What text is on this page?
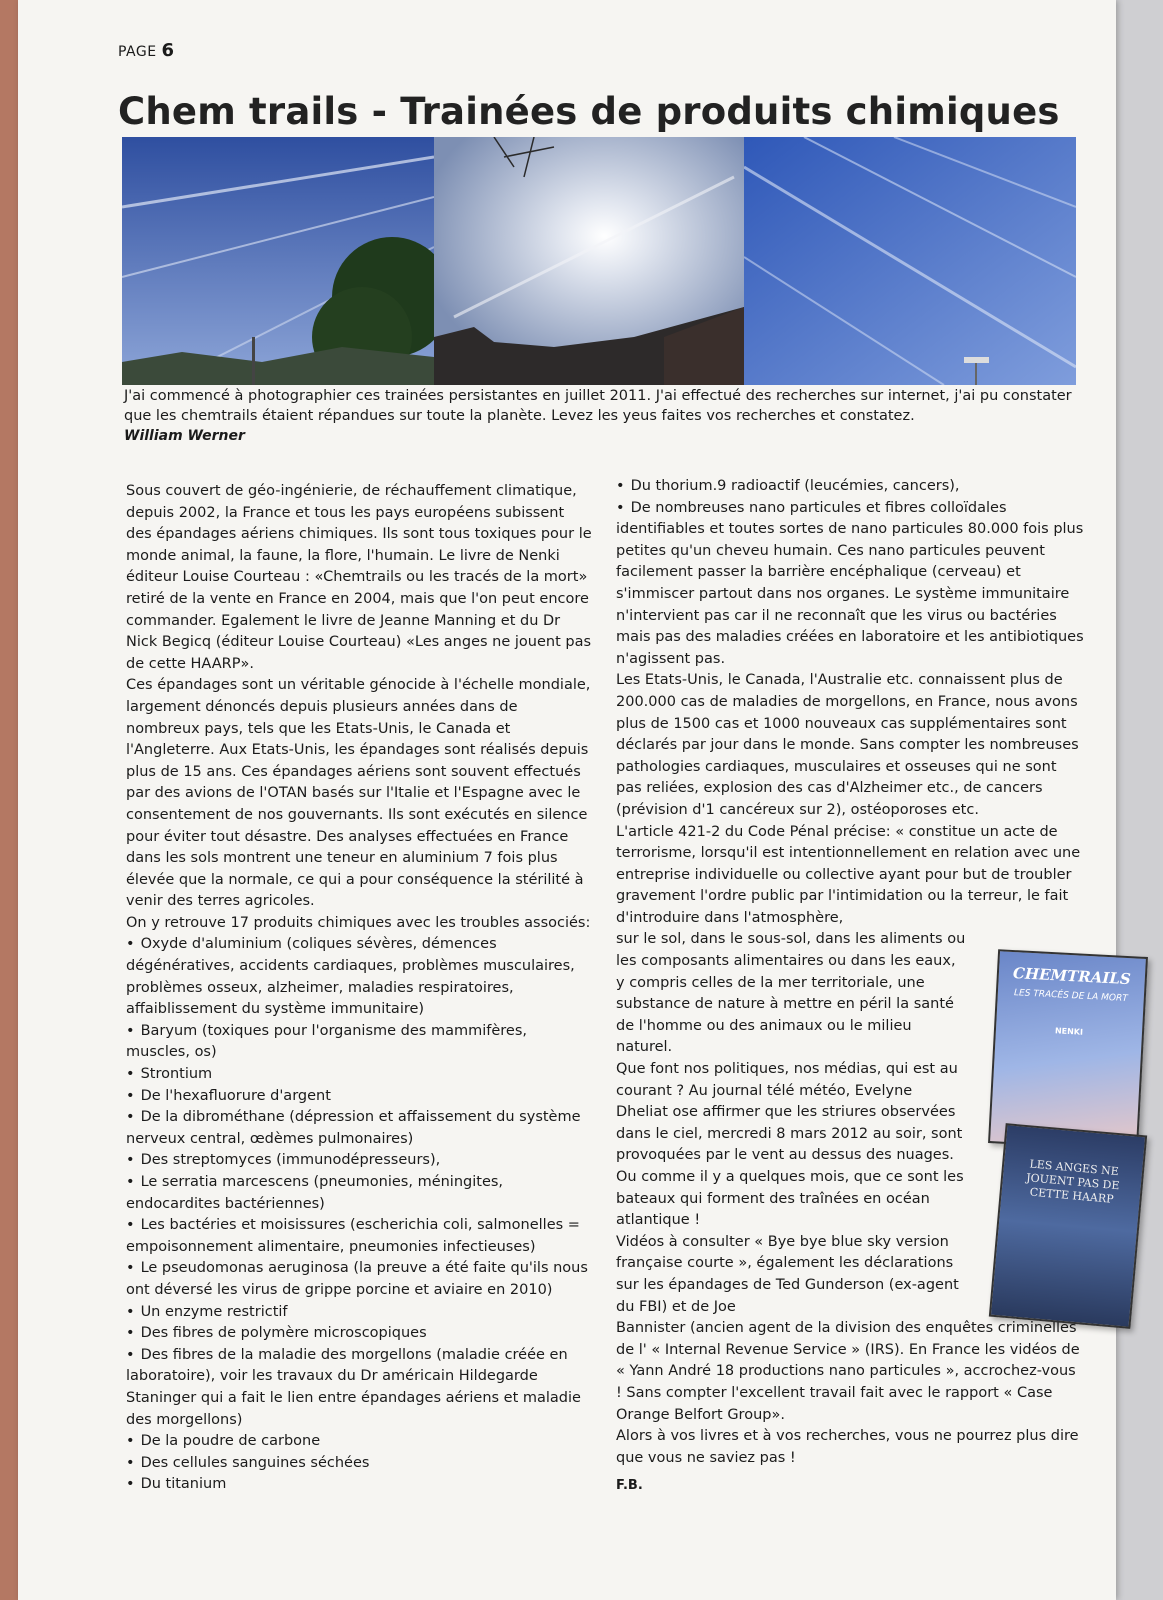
PAGE 6
Chem trails - Trainées de produits chimiques
J'ai commencé à photographier ces trainées persistantes en juillet 2011. J'ai effectué des recherches sur internet, j'ai pu constater que les chemtrails étaient répandues sur toute la planète. Levez les yeus faites vos recherches et constatez.
William Werner

Sous couvert de géo-ingénierie, de réchauffement climatique, depuis 2002, la France et tous les pays européens subissent des épandages aériens chimiques. Ils sont tous toxiques pour le monde animal, la faune, la flore, l'humain. Le livre de Nenki éditeur Louise Courteau : «Chemtrails ou les tracés de la mort» retiré de la vente en France en 2004, mais que l'on peut encore commander. Egalement le livre de Jeanne Manning et du Dr Nick Begicq (éditeur Louise Courteau) «Les anges ne jouent pas de cette HAARP».

Ces épandages sont un véritable génocide à l'échelle mondiale, largement dénoncés depuis plusieurs années dans de nombreux pays, tels que les Etats-Unis, le Canada et l'Angleterre. Aux Etats-Unis, les épandages sont réalisés depuis plus de 15 ans. Ces épandages aériens sont souvent effectués par des avions de l'OTAN basés sur l'Italie et l'Espagne avec le consentement de nos gouvernants. Ils sont exécutés en silence pour éviter tout désastre. Des analyses effectuées en France dans les sols montrent une teneur en aluminium 7 fois plus élevée que la normale, ce qui a pour conséquence la stérilité à venir des terres agricoles.

On y retrouve 17 produits chimiques avec les troubles associés:

• Oxyde d'aluminium (coliques sévères, démences dégénératives, accidents cardiaques, problèmes musculaires, problèmes osseux, alzheimer, maladies respiratoires, affaiblissement du système immunitaire)
• Baryum (toxiques pour l'organisme des mammifères, muscles, os)
• Strontium
• De l'hexafluorure d'argent
• De la dibrométhane (dépression et affaissement du système nerveux central, œdèmes pulmonaires)
• Des streptomyces (immunodépresseurs),
• Le serratia marcescens (pneumonies, méningites, endocardites bactériennes)
• Les bactéries et moisissures (escherichia coli, salmonelles = empoisonnement alimentaire, pneumonies infectieuses)
• Le pseudomonas aeruginosa (la preuve a été faite qu'ils nous ont déversé les virus de grippe porcine et aviaire en 2010)
• Un enzyme restrictif
• Des fibres de polymère microscopiques
• Des fibres de la maladie des morgellons (maladie créée en laboratoire), voir les travaux du Dr américain Hildegarde Staninger qui a fait le lien entre épandages aériens et maladie des morgellons)
• De la poudre de carbone
• Des cellules sanguines séchées
• Du titanium
• Du thorium.9 radioactif (leucémies, cancers),
• De nombreuses nano particules et fibres colloïdales identifiables et toutes sortes de nano particules 80.000 fois plus petites qu'un cheveu humain. Ces nano particules peuvent facilement passer la barrière encéphalique (cerveau) et s'immiscer partout dans nos organes. Le système immunitaire n'intervient pas car il ne reconnaît que les virus ou bactéries mais pas des maladies créées en laboratoire et les antibiotiques n'agissent pas.

Les Etats-Unis, le Canada, l'Australie etc. connaissent plus de 200.000 cas de maladies de morgellons, en France, nous avons plus de 1500 cas et 1000 nouveaux cas supplémentaires sont déclarés par jour dans le monde. Sans compter les nombreuses pathologies cardiaques, musculaires et osseuses qui ne sont pas reliées, explosion des cas d'Alzheimer etc., de cancers (prévision d'1 cancéreux sur 2), ostéoporoses etc.

L'article 421-2 du Code Pénal précise: « constitue un acte de terrorisme, lorsqu'il est intentionnellement en relation avec une entreprise individuelle ou collective ayant pour but de troubler gravement l'ordre public par l'intimidation ou la terreur, le fait d'introduire dans l'atmosphère,

sur le sol, dans le sous-sol, dans les aliments ou les composants alimentaires ou dans les eaux, y compris celles de la mer territoriale, une substance de nature à mettre en péril la santé de l'homme ou des animaux ou le milieu naturel.

Que font nos politiques, nos médias, qui est au courant ? Au journal télé météo, Evelyne Dheliat ose affirmer que les striures observées dans le ciel, mercredi 8 mars 2012 au soir, sont provoquées par le vent au dessus des nuages. Ou comme il y a quelques mois, que ce sont les bateaux qui forment des traînées en océan atlantique !

Vidéos à consulter « Bye bye blue sky version française courte », également les déclarations sur les épandages de Ted Gunderson (ex-agent du FBI) et de Joe

Bannister (ancien agent de la division des enquêtes criminelles de l' « Internal Revenue Service » (IRS). En France les vidéos de « Yann André 18 productions nano particules », accrochez-vous ! Sans compter l'excellent travail fait avec le rapport « Case Orange Belfort Group».

Alors à vos livres et à vos recherches, vous ne pourrez plus dire que vous ne saviez pas !

F.B.
CHEMTRAILS
LES TRACÉS DE LA MORT
NENKI
LES ANGES NE JOUENT PAS DE CETTE HAARP
